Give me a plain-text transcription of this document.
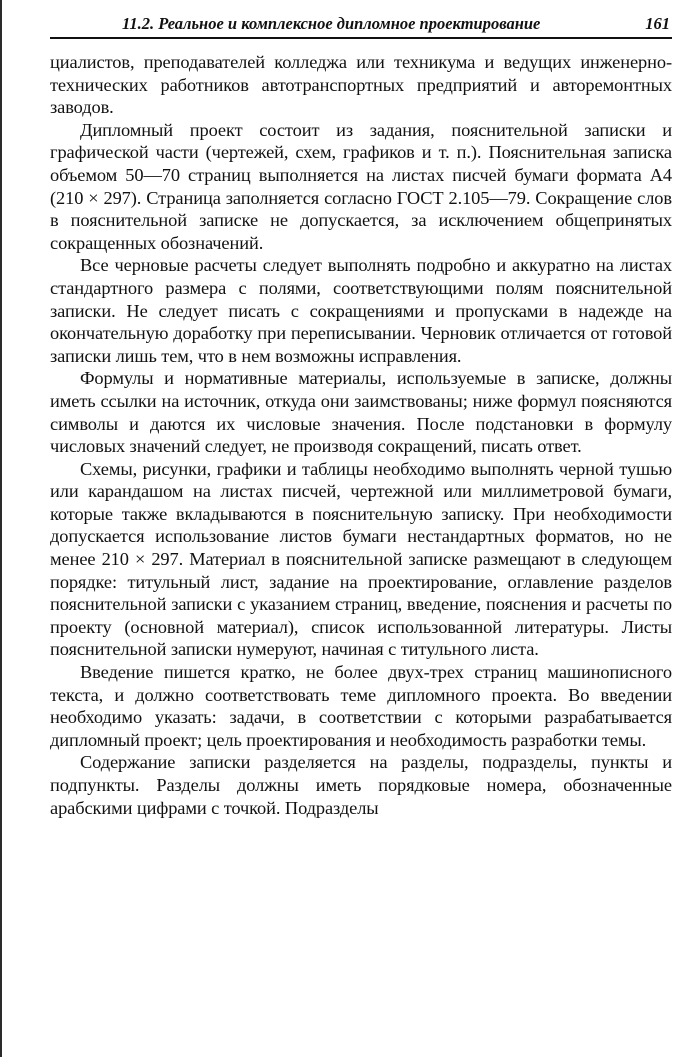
11.2. Реальное и комплексное дипломное проектирование	161

циалистов, преподавателей колледжа или техникума и ведущих инженерно-технических работников автотранспортных предприятий и авторемонтных заводов.

Дипломный проект состоит из задания, пояснительной записки и графической части (чертежей, схем, графиков и т. п.). Пояснительная записка объемом 50—70 страниц выполняется на листах писчей бумаги формата А4 (210 × 297). Страница заполняется согласно ГОСТ 2.105—79. Сокращение слов в пояснительной записке не допускается, за исключением общепринятых сокращенных обозначений.

Все черновые расчеты следует выполнять подробно и аккуратно на листах стандартного размера с полями, соответствующими полям пояснительной записки. Не следует писать с сокращениями и пропусками в надежде на окончательную доработку при переписывании. Черновик отличается от готовой записки лишь тем, что в нем возможны исправления.

Формулы и нормативные материалы, используемые в записке, должны иметь ссылки на источник, откуда они заимствованы; ниже формул поясняются символы и даются их числовые значения. После подстановки в формулу числовых значений следует, не производя сокращений, писать ответ.

Схемы, рисунки, графики и таблицы необходимо выполнять черной тушью или карандашом на листах писчей, чертежной или миллиметровой бумаги, которые также вкладываются в пояснительную записку. При необходимости допускается использование листов бумаги нестандартных форматов, но не менее 210 × 297. Материал в пояснительной записке размещают в следующем порядке: титульный лист, задание на проектирование, оглавление разделов пояснительной записки с указанием страниц, введение, пояснения и расчеты по проекту (основной материал), список использованной литературы. Листы пояснительной записки нумеруют, начиная с титульного листа.

Введение пишется кратко, не более двух-трех страниц машинописного текста, и должно соответствовать теме дипломного проекта. Во введении необходимо указать: задачи, в соответствии с которыми разрабатывается дипломный проект; цель проектирования и необходимость разработки темы.

Содержание записки разделяется на разделы, подразделы, пункты и подпункты. Разделы должны иметь порядковые номера, обозначенные арабскими цифрами с точкой. Подразделы
